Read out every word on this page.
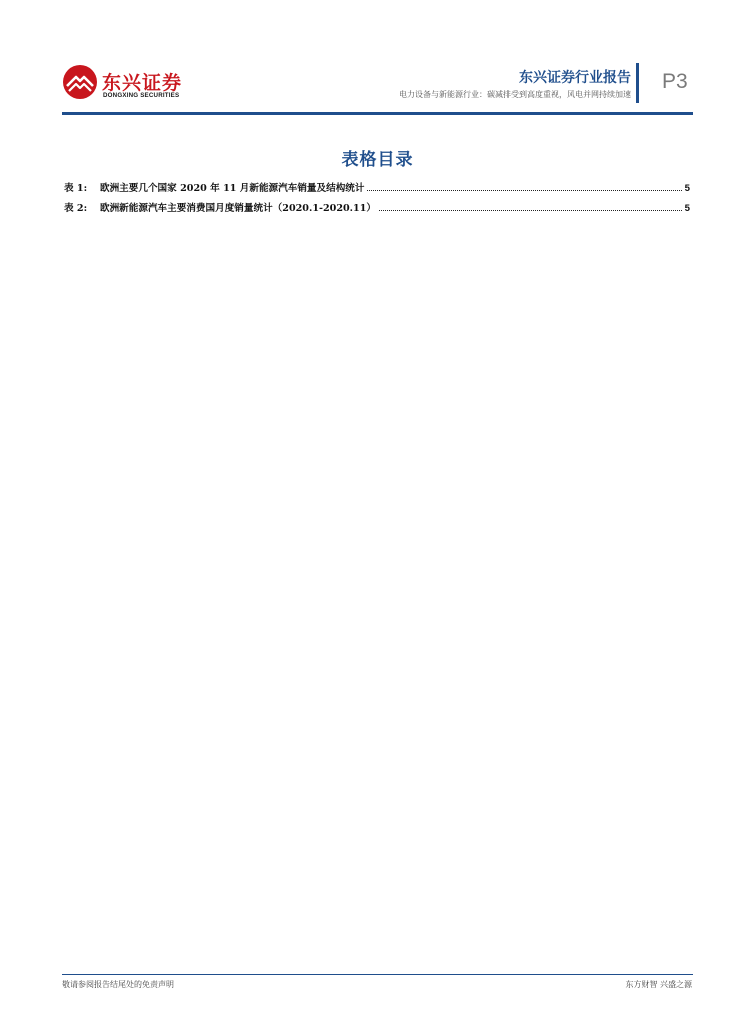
东兴证券
DONGXING SECURITIES
东兴证券行业报告
电力设备与新能源行业：碳减排受到高度重视，风电并网持续加速
P3
表格目录
表 1:	欧洲主要几个国家 2020 年 11 月新能源汽车销量及结构统计	5
表 2:	欧洲新能源汽车主要消费国月度销量统计（2020.1-2020.11）	5
敬请参阅报告结尾处的免责声明	东方财智 兴盛之源
